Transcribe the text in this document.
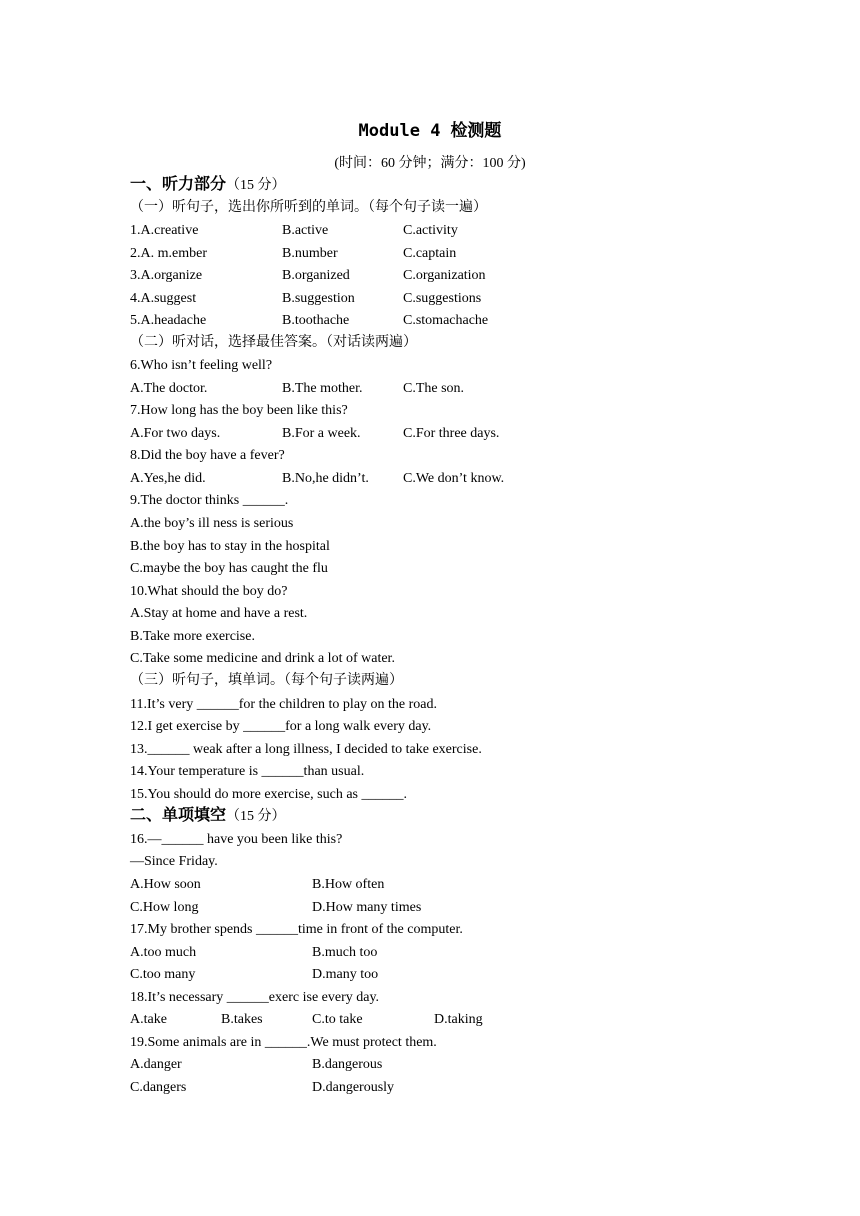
Module 4 检测题
(时间：60 分钟；满分：100 分)
一、听力部分（15 分）
（一）听句子，选出你所听到的单词。（每个句子读一遍）
1.A.creative	B.active	C.activity
2.A. m.ember	B.number	C.captain
3.A.organize	B.organized	C.organization
4.A.suggest	B.suggestion	C.suggestions
5.A.headache	B.toothache	C.stomachache
（二）听对话，选择最佳答案。（对话读两遍）
6.Who isn’t feeling well?
A.The doctor.	B.The mother.	C.The son.
7.How long has the boy been like this?
A.For two days.	B.For a week.	C.For three days.
8.Did the boy have a fever?
A.Yes,he did.	B.No,he didn’t. C.We don’t know.
9.The doctor thinks ______.
A.the boy’s ill ness is serious
B.the boy has to stay in the hospital
C.maybe the boy has caught the flu
10.What should the boy do?
A.Stay at home and have a rest.
B.Take more exercise.
C.Take some medicine and drink a lot of water.
（三）听句子，填单词。（每个句子读两遍）
11.It’s very ______for the children to play on the road.
12.I get exercise by ______for a long walk every day.
13.______ weak after a long illness, I decided to take exercise.
14.Your temperature is ______than usual.
15.You should do more exercise, such as ______.
二、单项填空（15 分）
16.—______ have you been like this?
—Since Friday.
A.How soon	B.How often
C.How long	D.How many times
17.My brother spends ______time in front of the computer.
A.too much	B.much too
C.too many	D.many too
18.It’s necessary ______exerc ise every day.
A.take	B.takes	C.to take	D.taking
19.Some animals are in ______.We must protect them.
A.danger	B.dangerous
C.dangers	D.dangerously
